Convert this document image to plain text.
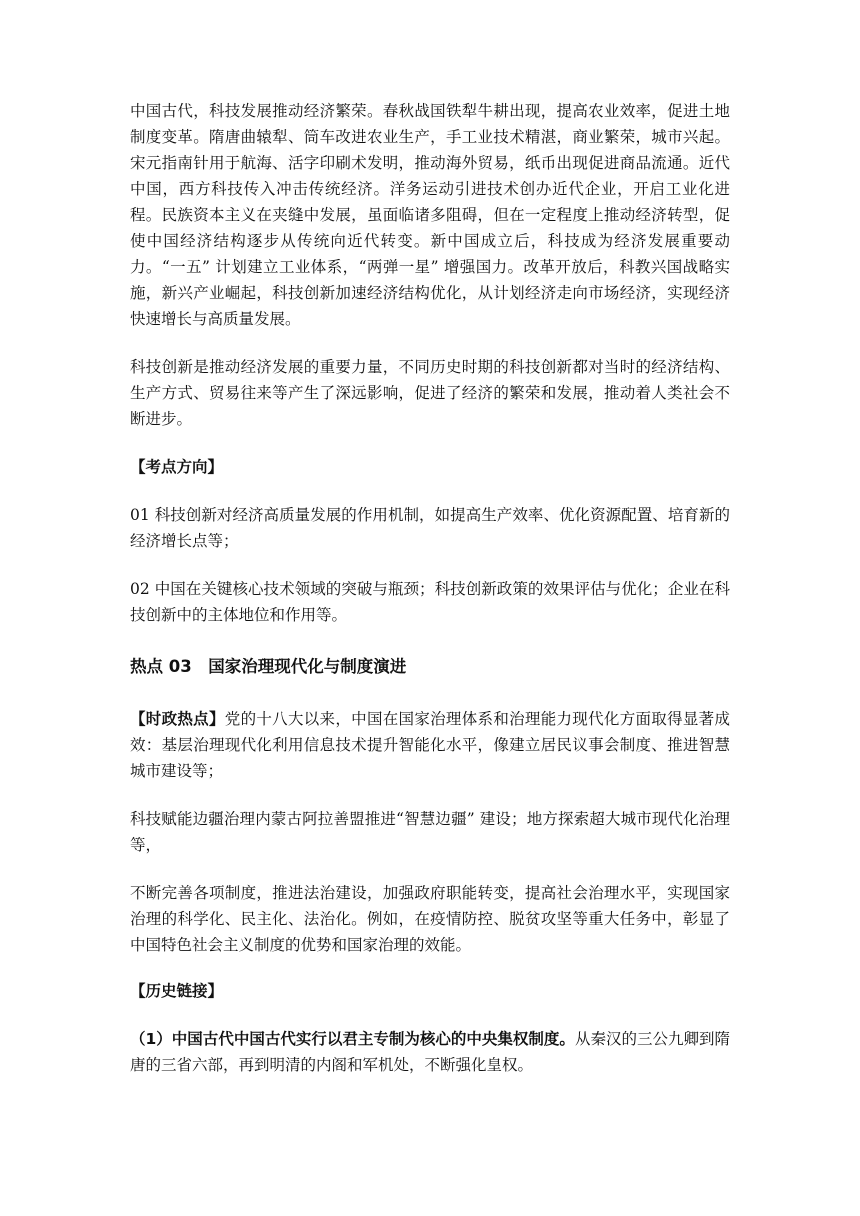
中国古代，科技发展推动经济繁荣。春秋战国铁犁牛耕出现，提高农业效率，促进土地制度变革。隋唐曲辕犁、筒车改进农业生产，手工业技术精湛，商业繁荣，城市兴起。宋元指南针用于航海、活字印刷术发明，推动海外贸易，纸币出现促进商品流通。近代中国，西方科技传入冲击传统经济。洋务运动引进技术创办近代企业，开启工业化进程。民族资本主义在夹缝中发展，虽面临诸多阻碍，但在一定程度上推动经济转型，促使中国经济结构逐步从传统向近代转变。新中国成立后，科技成为经济发展重要动力。“一五” 计划建立工业体系，“两弹一星” 增强国力。改革开放后，科教兴国战略实施，新兴产业崛起，科技创新加速经济结构优化，从计划经济走向市场经济，实现经济快速增长与高质量发展。

科技创新是推动经济发展的重要力量，不同历史时期的科技创新都对当时的经济结构、生产方式、贸易往来等产生了深远影响，促进了经济的繁荣和发展，推动着人类社会不断进步。

【考点方向】

01 科技创新对经济高质量发展的作用机制，如提高生产效率、优化资源配置、培育新的经济增长点等；

02 中国在关键核心技术领域的突破与瓶颈；科技创新政策的效果评估与优化；企业在科技创新中的主体地位和作用等。

热点 03　国家治理现代化与制度演进

【时政热点】党的十八大以来，中国在国家治理体系和治理能力现代化方面取得显著成效：基层治理现代化利用信息技术提升智能化水平，像建立居民议事会制度、推进智慧城市建设等；

科技赋能边疆治理内蒙古阿拉善盟推进“智慧边疆” 建设；地方探索超大城市现代化治理等，

不断完善各项制度，推进法治建设，加强政府职能转变，提高社会治理水平，实现国家治理的科学化、民主化、法治化。例如，在疫情防控、脱贫攻坚等重大任务中，彰显了中国特色社会主义制度的优势和国家治理的效能。

【历史链接】

（1）中国古代中国古代实行以君主专制为核心的中央集权制度。从秦汉的三公九卿到隋唐的三省六部，再到明清的内阁和军机处，不断强化皇权。
